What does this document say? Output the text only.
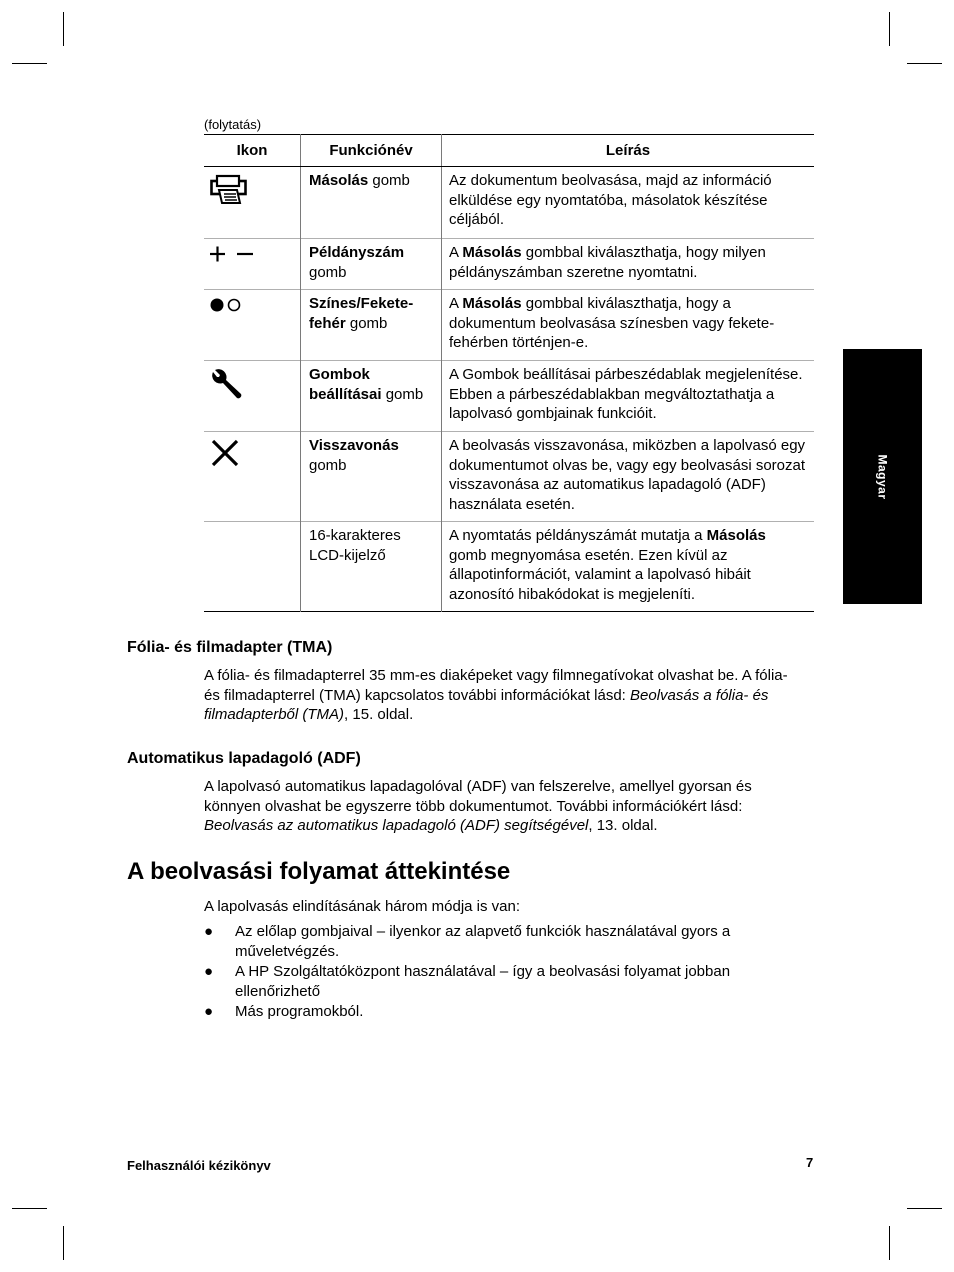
(folytatás)
Ikon	Funkciónév	Leírás
	Másolás gomb	Az dokumentum beolvasása, majd az információ elküldése egy nyomtatóba, másolatok készítése céljából.
	Példányszám gomb	A Másolás gombbal kiválaszthatja, hogy milyen példányszámban szeretne nyomtatni.
	Színes/Fekete-fehér gomb	A Másolás gombbal kiválaszthatja, hogy a dokumentum beolvasása színesben vagy fekete-fehérben történjen-e.
	Gombok beállításai gomb	A Gombok beállításai párbeszédablak megjelenítése. Ebben a párbeszédablakban megváltoztathatja a lapolvasó gombjainak funkcióit.
	Visszavonás gomb	A beolvasás visszavonása, miközben a lapolvasó egy dokumentumot olvas be, vagy egy beolvasási sorozat visszavonása az automatikus lapadagoló (ADF) használata esetén.
	16-karakteres LCD-kijelző	A nyomtatás példányszámát mutatja a Másolás gomb megnyomása esetén. Ezen kívül az állapotinformációt, valamint a lapolvasó hibáit azonosító hibakódokat is megjeleníti.
Magyar
Fólia- és filmadapter (TMA)

A fólia- és filmadapterrel 35 mm-es diaképeket vagy filmnegatívokat olvashat be. A fólia- és filmadapterrel (TMA) kapcsolatos további információkat lásd: Beolvasás a fólia- és filmadapterből (TMA), 15. oldal.

Automatikus lapadagoló (ADF)

A lapolvasó automatikus lapadagolóval (ADF) van felszerelve, amellyel gyorsan és könnyen olvashat be egyszerre több dokumentumot. További információkért lásd: Beolvasás az automatikus lapadagoló (ADF) segítségével, 13. oldal.

A beolvasási folyamat áttekintése

A lapolvasás elindításának három módja is van:

● Az előlap gombjaival – ilyenkor az alapvető funkciók használatával gyors a műveletvégzés.
● A HP Szolgáltatóközpont használatával – így a beolvasási folyamat jobban ellenőrizhető
● Más programokból.
Felhasználói kézikönyv	7
